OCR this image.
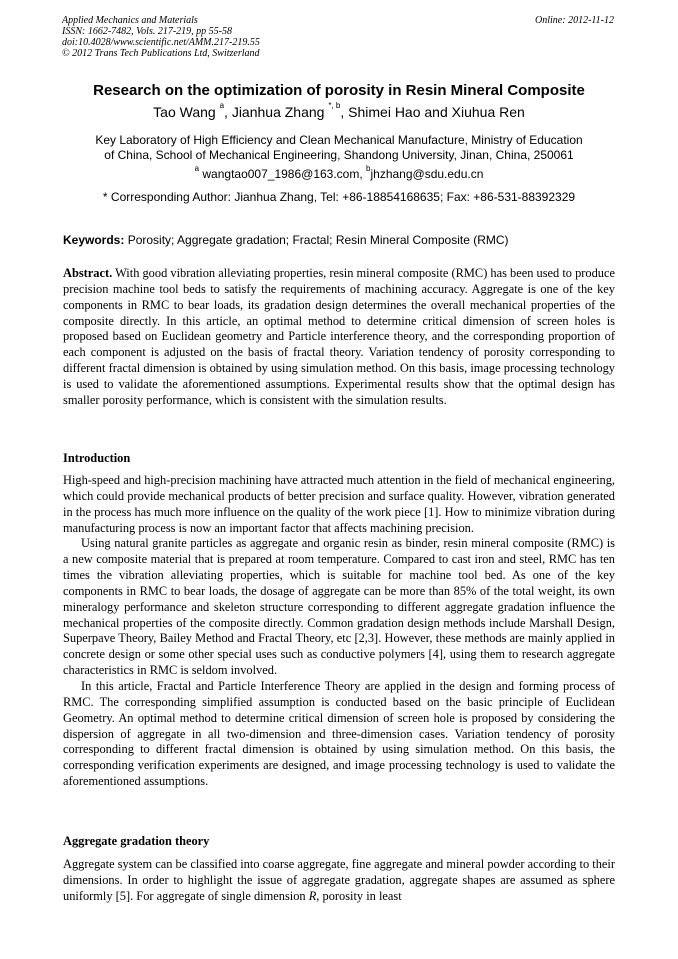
Applied Mechanics and Materials
ISSN: 1662-7482, Vols. 217-219, pp 55-58
doi:10.4028/www.scientific.net/AMM.217-219.55
© 2012 Trans Tech Publications Ltd, Switzerland
Online: 2012-11-12
Research on the optimization of porosity in Resin Mineral Composite
Tao Wang $^a$, Jianhua Zhang $^{*, b}$, Shimei Hao and Xiuhua Ren
Key Laboratory of High Efficiency and Clean Mechanical Manufacture, Ministry of Education
of China, School of Mechanical Engineering, Shandong University, Jinan, China, 250061
$^a$ wangtao007_1986@163.com, $^b$jhzhang@sdu.edu.cn
* Corresponding Author: Jianhua Zhang, Tel: +86-18854168635; Fax: +86-531-88392329
Keywords: Porosity; Aggregate gradation; Fractal; Resin Mineral Composite (RMC)

Abstract. With good vibration alleviating properties, resin mineral composite (RMC) has been used to produce precision machine tool beds to satisfy the requirements of machining accuracy. Aggregate is one of the key components in RMC to bear loads, its gradation design determines the overall mechanical properties of the composite directly. In this article, an optimal method to determine critical dimension of screen holes is proposed based on Euclidean geometry and Particle interference theory, and the corresponding proportion of each component is adjusted on the basis of fractal theory. Variation tendency of porosity corresponding to different fractal dimension is obtained by using simulation method. On this basis, image processing technology is used to validate the aforementioned assumptions. Experimental results show that the optimal design has smaller porosity performance, which is consistent with the simulation results.

Introduction

High-speed and high-precision machining have attracted much attention in the field of mechanical engineering, which could provide mechanical products of better precision and surface quality. However, vibration generated in the process has much more influence on the quality of the work piece [1]. How to minimize vibration during manufacturing process is now an important factor that affects machining precision.

Using natural granite particles as aggregate and organic resin as binder, resin mineral composite (RMC) is a new composite material that is prepared at room temperature. Compared to cast iron and steel, RMC has ten times the vibration alleviating properties, which is suitable for machine tool bed. As one of the key components in RMC to bear loads, the dosage of aggregate can be more than 85% of the total weight, its own mineralogy performance and skeleton structure corresponding to different aggregate gradation influence the mechanical properties of the composite directly. Common gradation design methods include Marshall Design, Superpave Theory, Bailey Method and Fractal Theory, etc [2,3]. However, these methods are mainly applied in concrete design or some other special uses such as conductive polymers [4], using them to research aggregate characteristics in RMC is seldom involved.

In this article, Fractal and Particle Interference Theory are applied in the design and forming process of RMC. The corresponding simplified assumption is conducted based on the basic principle of Euclidean Geometry. An optimal method to determine critical dimension of screen hole is proposed by considering the dispersion of aggregate in all two-dimension and three-dimension cases. Variation tendency of porosity corresponding to different fractal dimension is obtained by using simulation method. On this basis, the corresponding verification experiments are designed, and image processing technology is used to validate the aforementioned assumptions.

Aggregate gradation theory

Aggregate system can be classified into coarse aggregate, fine aggregate and mineral powder according to their dimensions. In order to highlight the issue of aggregate gradation, aggregate shapes are assumed as sphere uniformly [5]. For aggregate of single dimension R, porosity in least
